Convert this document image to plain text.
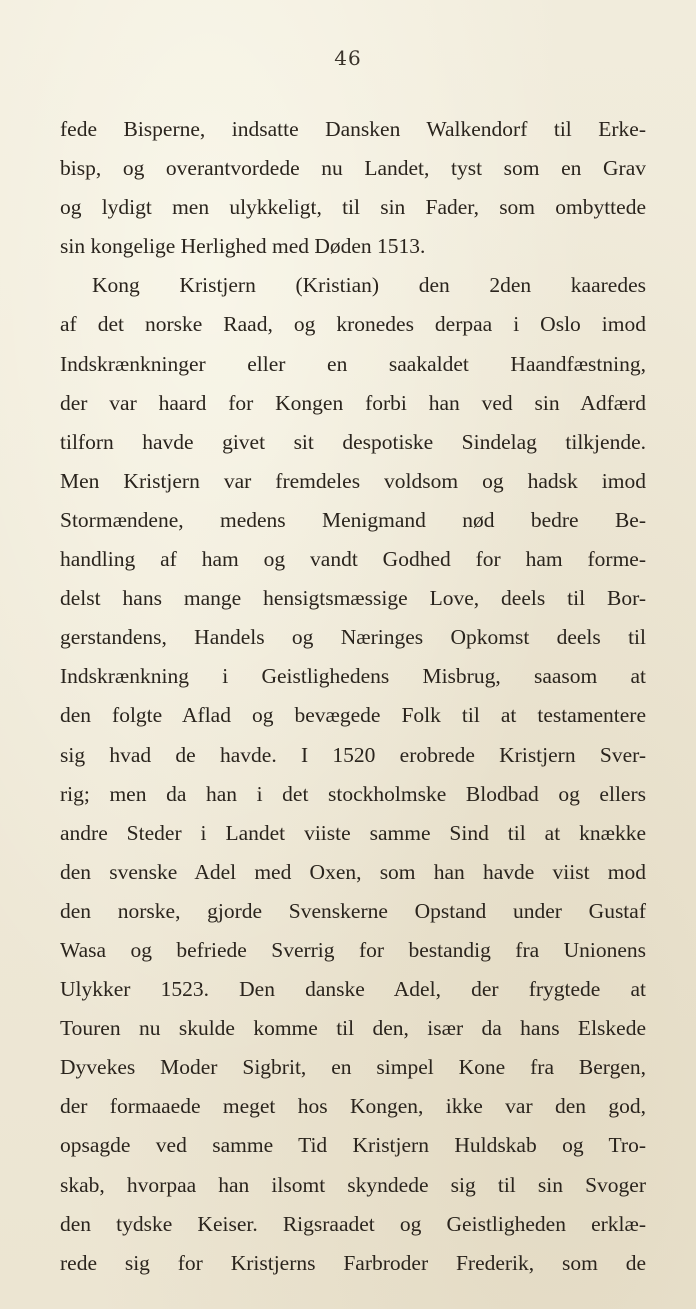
46
fede Bisperne, indsatte Dansken Walkendorf til Erke-
bisp, og overantvordede nu Landet, tyst som en Grav
og lydigt men ulykkeligt, til sin Fader, som ombyttede
sin kongelige Herlighed med Døden 1513.
Kong Kristjern (Kristian) den 2den kaaredes
af det norske Raad, og kronedes derpaa i Oslo imod
Indskrænkninger eller en saakaldet Haandfæstning,
der var haard for Kongen forbi han ved sin Adfærd
tilforn havde givet sit despotiske Sindelag tilkjende.
Men Kristjern var fremdeles voldsom og hadsk imod
Stormændene, medens Menigmand nød bedre Be-
handling af ham og vandt Godhed for ham forme-
delst hans mange hensigtsmæssige Love, deels til Bor-
gerstandens, Handels og Næringes Opkomst deels til
Indskrænkning i Geistlighedens Misbrug, saasom at
den folgte Aflad og bevægede Folk til at testamentere
sig hvad de havde. I 1520 erobrede Kristjern Sver-
rig; men da han i det stockholmske Blodbad og ellers
andre Steder i Landet viiste samme Sind til at knække
den svenske Adel med Oxen, som han havde viist mod
den norske, gjorde Svenskerne Opstand under Gustaf
Wasa og befriede Sverrig for bestandig fra Unionens
Ulykker 1523. Den danske Adel, der frygtede at
Touren nu skulde komme til den, især da hans Elskede
Dyvekes Moder Sigbrit, en simpel Kone fra Bergen,
der formaaede meget hos Kongen, ikke var den god,
opsagde ved samme Tid Kristjern Huldskab og Tro-
skab, hvorpaa han ilsomt skyndede sig til sin Svoger
den tydske Keiser. Rigsraadet og Geistligheden erklæ-
rede sig for Kristjerns Farbroder Frederik, som de
